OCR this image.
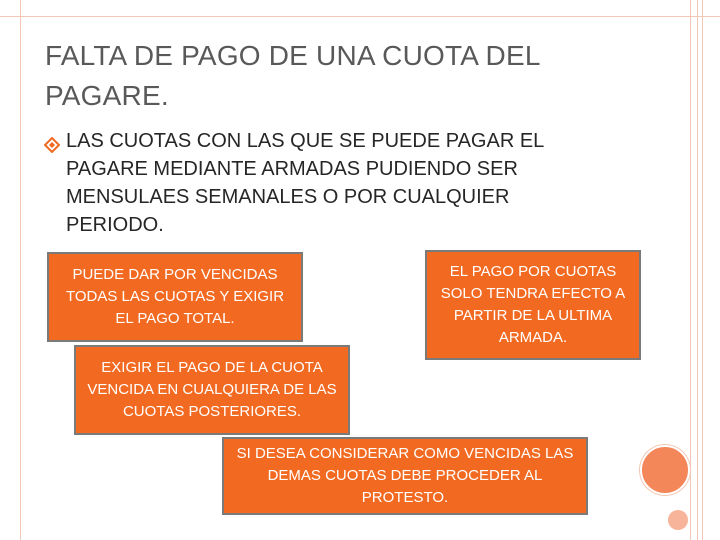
FALTA DE PAGO DE UNA CUOTA DEL PAGARE.
LAS CUOTAS CON LAS QUE SE PUEDE PAGAR EL PAGARE MEDIANTE ARMADAS PUDIENDO SER MENSULAES SEMANALES O POR CUALQUIER PERIODO.
PUEDE DAR POR VENCIDAS TODAS LAS CUOTAS Y EXIGIR EL PAGO TOTAL.
EL PAGO POR CUOTAS SOLO TENDRA EFECTO A PARTIR DE LA ULTIMA ARMADA.
EXIGIR EL PAGO DE LA CUOTA VENCIDA EN CUALQUIERA DE LAS CUOTAS POSTERIORES.
SI DESEA CONSIDERAR COMO VENCIDAS LAS DEMAS CUOTAS DEBE PROCEDER AL PROTESTO.
